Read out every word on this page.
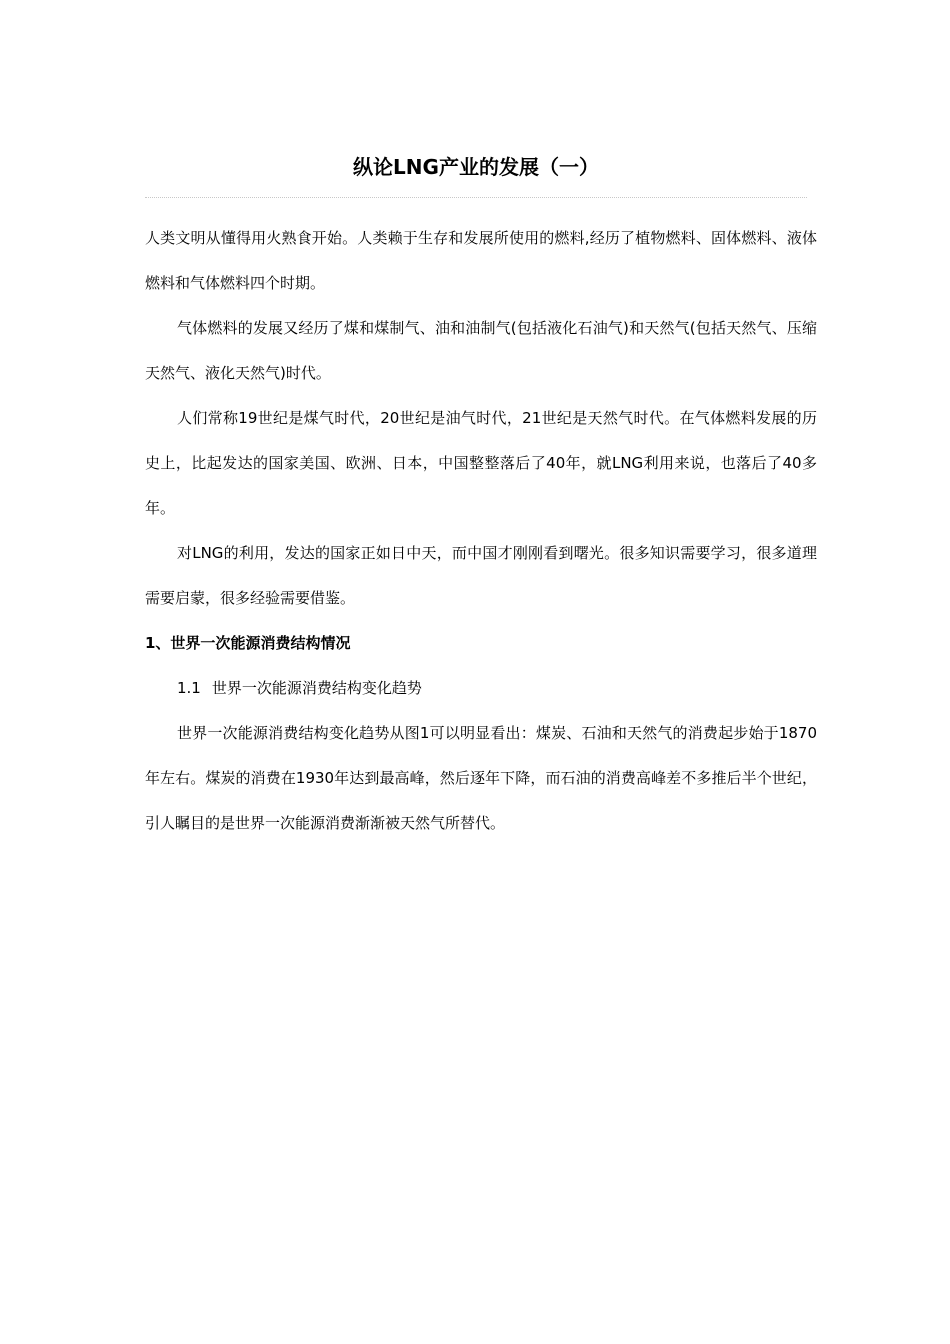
纵论LNG产业的发展（一）

人类文明从懂得用火熟食开始。人类赖于生存和发展所使用的燃料,经历了植物燃料、固体燃料、液体燃料和气体燃料四个时期。

气体燃料的发展又经历了煤和煤制气、油和油制气(包括液化石油气)和天然气(包括天然气、压缩天然气、液化天然气)时代。

人们常称19世纪是煤气时代，20世纪是油气时代，21世纪是天然气时代。在气体燃料发展的历史上，比起发达的国家美国、欧洲、日本，中国整整落后了40年，就LNG利用来说，也落后了40多年。

对LNG的利用，发达的国家正如日中天，而中国才刚刚看到曙光。很多知识需要学习，很多道理需要启蒙，很多经验需要借鉴。

1、世界一次能源消费结构情况

1.1 世界一次能源消费结构变化趋势

世界一次能源消费结构变化趋势从图1可以明显看出：煤炭、石油和天然气的消费起步始于1870年左右。煤炭的消费在1930年达到最高峰，然后逐年下降，而石油的消费高峰差不多推后半个世纪，引人瞩目的是世界一次能源消费渐渐被天然气所替代。
